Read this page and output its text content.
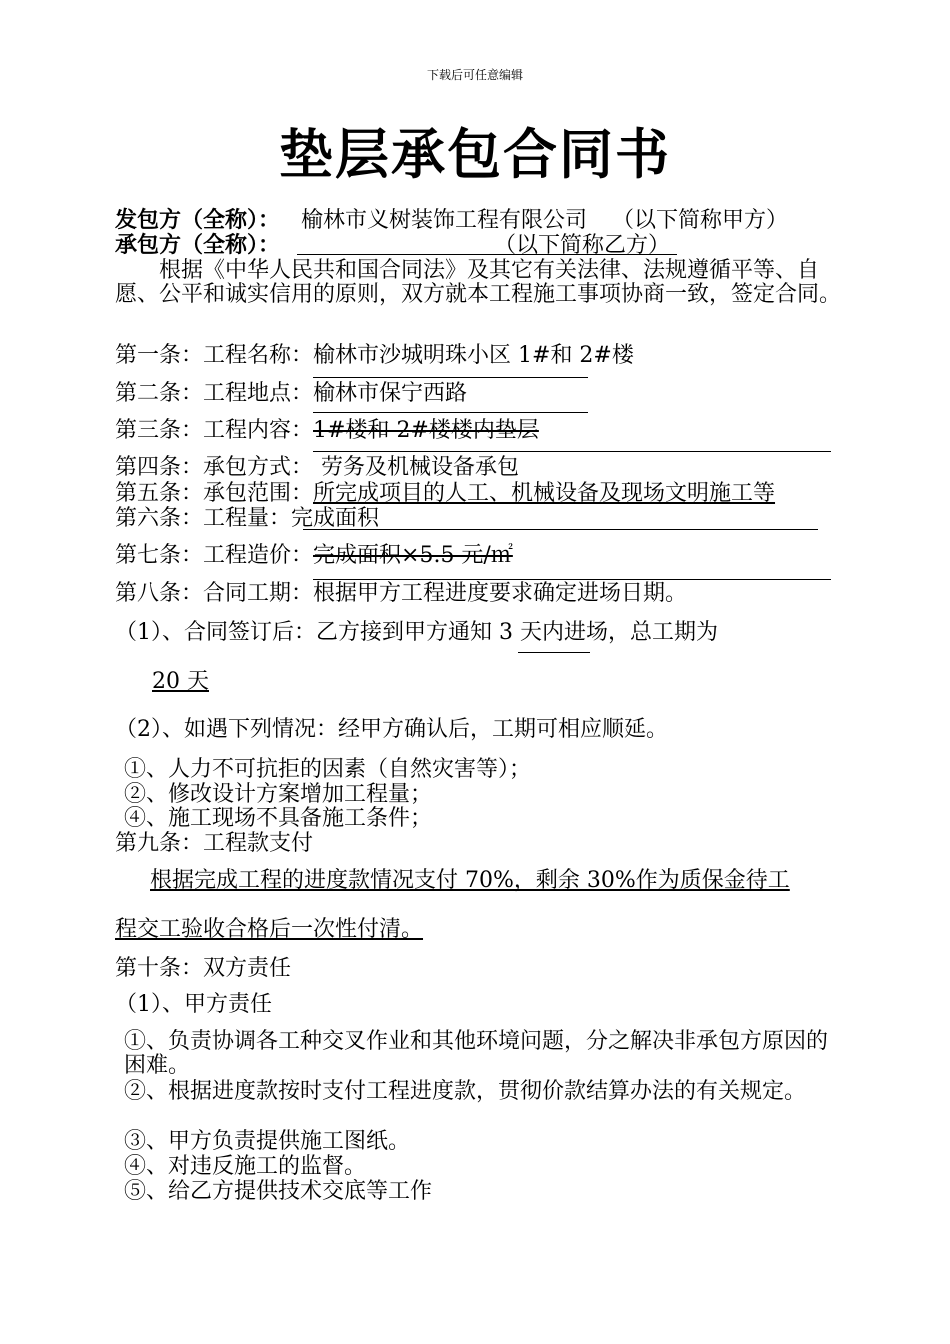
下载后可任意编辑
垫层承包合同书
发包方（全称）： 榆林市义树装饰工程有限公司 （以下简称甲方）
承包方（全称）：	（以下简称乙方）
根据《中华人民共和国合同法》及其它有关法律、法规遵循平等、自愿、公平和诚实信用的原则，双方就本工程施工事项协商一致，签定合同。
第一条：工程名称：榆林市沙城明珠小区 1#和 2#楼
第二条：工程地点：榆林市保宁西路
第三条：工程内容：1#楼和 2#楼楼内垫层
第四条：承包方式： 劳务及机械设备承包
第五条：承包范围：所完成项目的人工、机械设备及现场文明施工等
第六条：工程量：完成面积
第七条：工程造价：完成面积×5.5 元/㎡
第八条：合同工期：根据甲方工程进度要求确定进场日期。
（1）、合同签订后：乙方接到甲方通知 3 天内进场，总工期为
20 天
（2）、如遇下列情况：经甲方确认后，工期可相应顺延。
①、人力不可抗拒的因素（自然灾害等）；
②、修改设计方案增加工程量；
④、施工现场不具备施工条件；
第九条：工程款支付
根据完成工程的进度款情况支付 70%，剩余 30%作为质保金待工
程交工验收合格后一次性付清。
第十条：双方责任
（1）、甲方责任
①、负责协调各工种交叉作业和其他环境问题，分之解决非承包方原因的困难。
②、根据进度款按时支付工程进度款，贯彻价款结算办法的有关规定。
③、甲方负责提供施工图纸。
④、对违反施工的监督。
⑤、给乙方提供技术交底等工作
